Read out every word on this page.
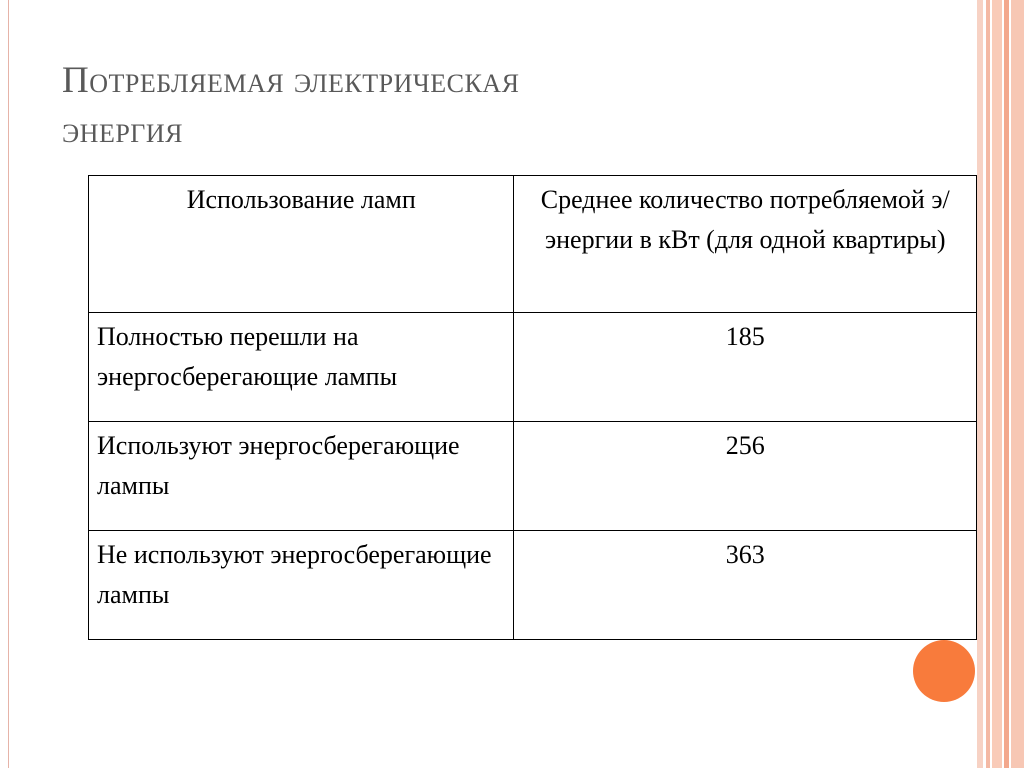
Потребляемая электрическая
энергия
Использование ламп	Среднее количество потребляемой э/энергии в кВт (для одной квартиры)
Полностью перешли на энергосберегающие лампы	185
Используют энергосберегающие лампы	256
Не используют энергосберегающие лампы	363
